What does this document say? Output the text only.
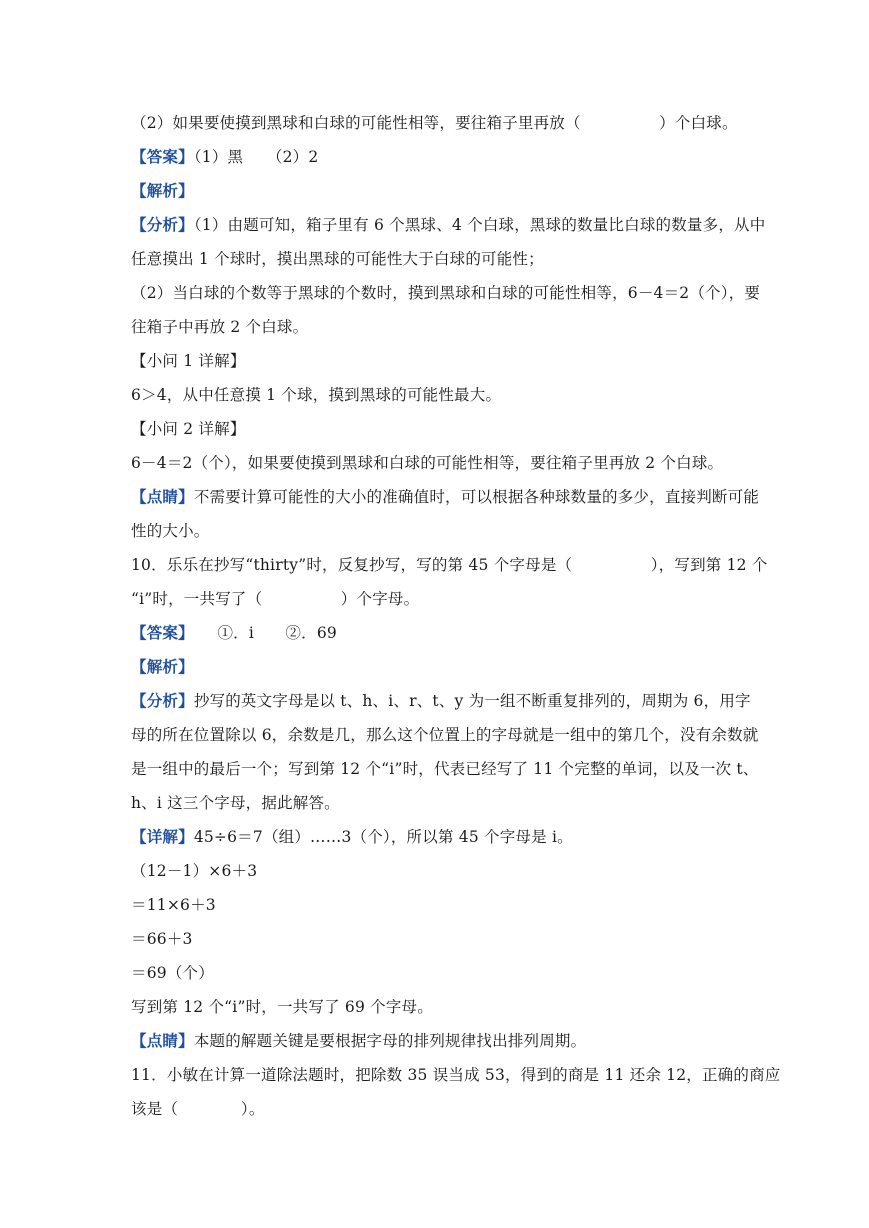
（2）如果要使摸到黑球和白球的可能性相等，要往箱子里再放（　　　　　）个白球。
【答案】（1）黑　　（2）2
【解析】
【分析】（1）由题可知，箱子里有 6 个黑球、4 个白球，黑球的数量比白球的数量多，从中
任意摸出 1 个球时，摸出黑球的可能性大于白球的可能性；
（2）当白球的个数等于黑球的个数时，摸到黑球和白球的可能性相等，6－4＝2（个），要
往箱子中再放 2 个白球。
【小问 1 详解】
6＞4，从中任意摸 1 个球，摸到黑球的可能性最大。
【小问 2 详解】
6－4＝2（个），如果要使摸到黑球和白球的可能性相等，要往箱子里再放 2 个白球。
【点睛】不需要计算可能性的大小的准确值时，可以根据各种球数量的多少，直接判断可能
性的大小。
10．乐乐在抄写“thirty”时，反复抄写，写的第 45 个字母是（　　　　　），写到第 12 个
“i”时，一共写了（　　　　　）个字母。
【答案】　　①．i　　②．69
【解析】
【分析】抄写的英文字母是以 t、h、i、r、t、y 为一组不断重复排列的，周期为 6，用字
母的所在位置除以 6，余数是几，那么这个位置上的字母就是一组中的第几个，没有余数就
是一组中的最后一个；写到第 12 个“i”时，代表已经写了 11 个完整的单词，以及一次 t、
h、i 这三个字母，据此解答。
【详解】45÷6＝7（组）……3（个），所以第 45 个字母是 i。
（12－1）×6＋3
＝11×6＋3
＝66＋3
＝69（个）
写到第 12 个“i”时，一共写了 69 个字母。
【点睛】本题的解题关键是要根据字母的排列规律找出排列周期。
11．小敏在计算一道除法题时，把除数 35 误当成 53，得到的商是 11 还余 12，正确的商应
该是（　　　　）。
